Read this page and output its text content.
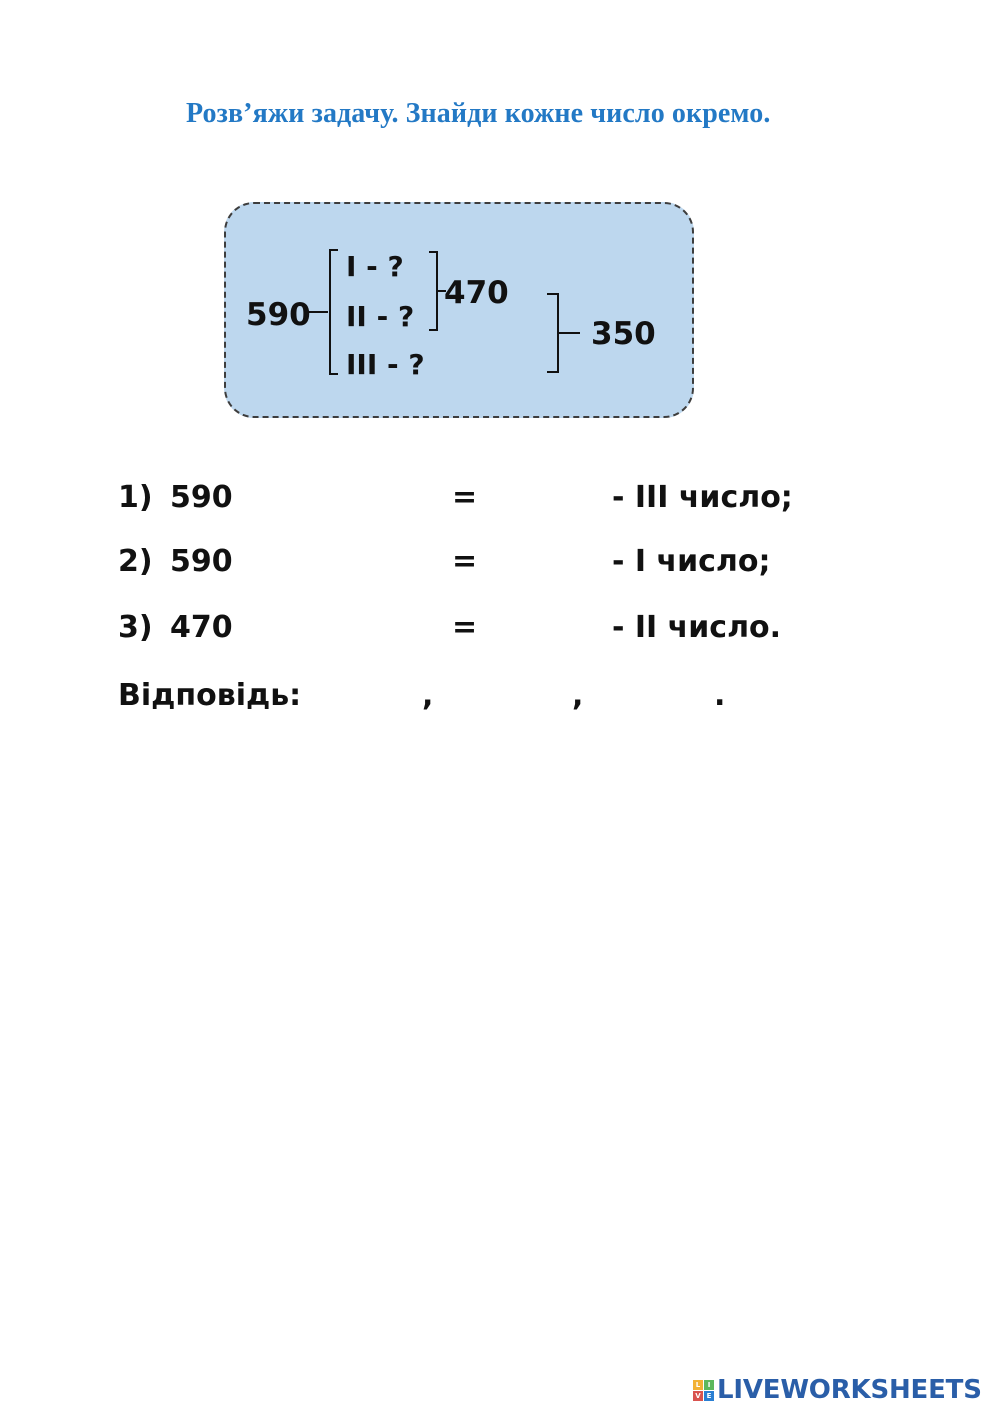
Розв’яжи задачу. Знайди кожне число окремо.
590
I - ?
II - ?
III - ?
470
350
1) 590	=	- III число;
2) 590	=	- I число;
3) 470	=	- II число.
Відповідь:	,	,	.
L	I
V E LIVEWORKSHEETS
